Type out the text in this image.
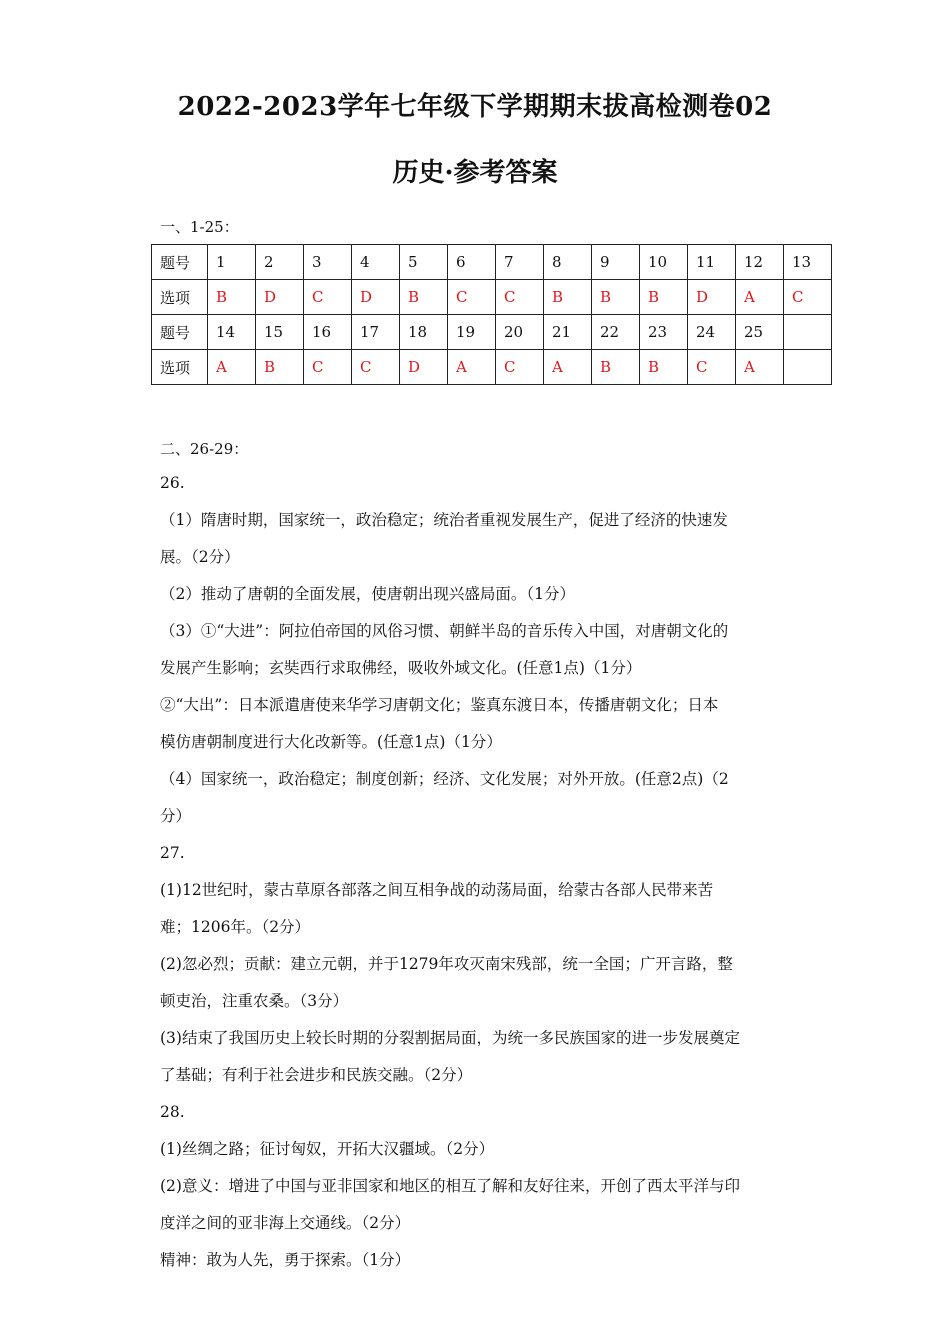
2022-2023学年七年级下学期期末拔高检测卷02
历史·参考答案
一、1-25：
题号	1	2	3	4	5	6	7	8	9	10	11	12	13
选项	B	D	C	D	B	C	C	B	B	B	D	A	C
题号	14	15	16	17	18	19	20	21	22	23	24	25	
选项	A	B	C	C	D	A	C	A	B	B	C	A	
二、26-29：

26.

（1）隋唐时期，国家统一，政治稳定；统治者重视发展生产，促进了经济的快速发

展。（2分）

（2）推动了唐朝的全面发展，使唐朝出现兴盛局面。（1分）

（3）①“大进”：阿拉伯帝国的风俗习惯、朝鲜半岛的音乐传入中国，对唐朝文化的

发展产生影响；玄奘西行求取佛经，吸收外域文化。(任意1点)（1分）

②“大出”：日本派遣唐使来华学习唐朝文化；鉴真东渡日本，传播唐朝文化；日本

模仿唐朝制度进行大化改新等。(任意1点)（1分）

（4）国家统一，政治稳定；制度创新；经济、文化发展；对外开放。(任意2点)（2

分）

27.

(1)12世纪时，蒙古草原各部落之间互相争战的动荡局面，给蒙古各部人民带来苦

难；1206年。（2分）

(2)忽必烈；贡献：建立元朝，并于1279年攻灭南宋残部，统一全国；广开言路，整

顿吏治，注重农桑。（3分）

(3)结束了我国历史上较长时期的分裂割据局面，为统一多民族国家的进一步发展奠定

了基础；有利于社会进步和民族交融。（2分）

28.

(1)丝绸之路；征讨匈奴，开拓大汉疆域。（2分）

(2)意义：增进了中国与亚非国家和地区的相互了解和友好往来，开创了西太平洋与印

度洋之间的亚非海上交通线。（2分）

精神：敢为人先，勇于探索。（1分）
